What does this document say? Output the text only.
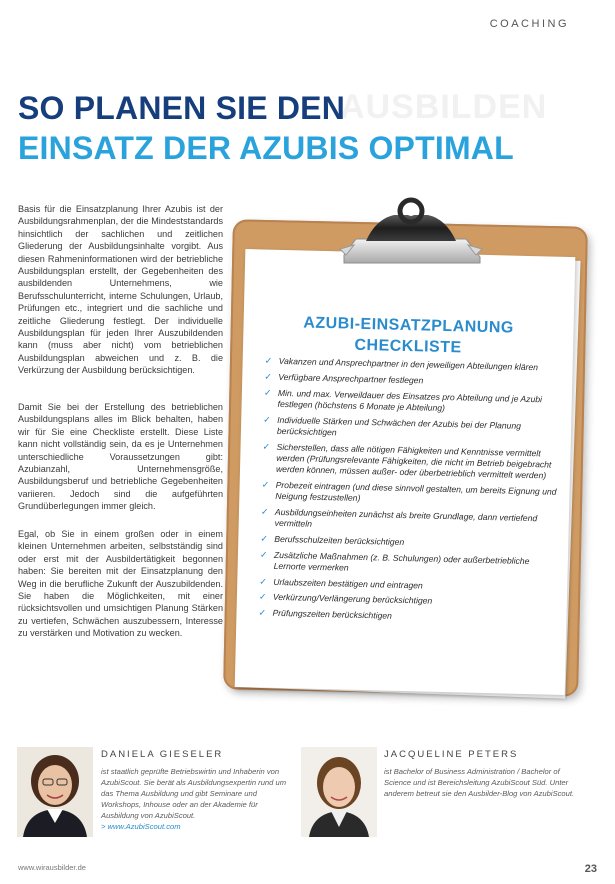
COACHING
AUSBILDEN
SO PLANEN SIE DEN
EINSATZ DER AZUBIS OPTIMAL

Basis für die Einsatzplanung Ihrer Azubis ist der Ausbildungsrahmenplan, der die Mindeststandards hinsichtlich der sachlichen und zeitlichen Gliederung der Ausbildungsinhalte vorgibt. Aus diesen Rahmeninformationen wird der betriebliche Ausbildungsplan erstellt, der Gegebenheiten des ausbildenden Unternehmens, wie Berufsschulunterricht, interne Schulungen, Urlaub, Prüfungen etc., integriert und die sachliche und zeitliche Gliederung festlegt. Der individuelle Ausbildungsplan für jeden Ihrer Auszubildenden kann (muss aber nicht) vom betrieblichen Ausbildungsplan abweichen und z. B. die Verkürzung der Ausbildung berücksichtigen.

Damit Sie bei der Erstellung des betrieblichen Ausbildungsplans alles im Blick behalten, haben wir für Sie eine Checkliste erstellt. Diese Liste kann nicht vollständig sein, da es je Unternehmen unterschiedliche Voraussetzungen gibt: Azubianzahl, Unternehmensgröße, Ausbildungsberuf und betriebliche Gegebenheiten variieren. Jedoch sind die aufgeführten Grundüberlegungen immer gleich.

Egal, ob Sie in einem großen oder in einem kleinen Unternehmen arbeiten, selbstständig sind oder erst mit der Ausbildertätigkeit begonnen haben: Sie bereiten mit der Einsatzplanung den Weg in die berufliche Zukunft der Auszubildenden. Sie haben die Möglichkeiten, mit einer rücksichtsvollen und umsichtigen Planung Stärken zu vertiefen, Schwächen auszubessern, Interesse zu verstärken und Motivation zu wecken.

AZUBI-EINSATZPLANUNG
CHECKLISTE
✓ Vakanzen und Ansprechpartner in den jeweiligen Abteilungen klären
✓ Verfügbare Ansprechpartner festlegen
✓ Min. und max. Verweildauer des Einsatzes pro Abteilung und je Azubi festlegen (höchstens 6 Monate je Abteilung)
✓ Individuelle Stärken und Schwächen der Azubis bei der Planung berücksichtigen
✓ Sicherstellen, dass alle nötigen Fähigkeiten und Kenntnisse vermittelt werden (Prüfungsrelevante Fähigkeiten, die nicht im Betrieb beigebracht werden können, müssen außer- oder überbetrieblich vermittelt werden)
✓ Probezeit eintragen (und diese sinnvoll gestalten, um bereits Eignung und Neigung festzustellen)
✓ Ausbildungseinheiten zunächst als breite Grundlage, dann vertiefend vermitteln
✓ Berufsschulzeiten berücksichtigen
✓ Zusätzliche Maßnahmen (z. B. Schulungen) oder außerbetriebliche Lernorte vermerken
✓ Urlaubszeiten bestätigen und eintragen
✓ Verkürzung/Verlängerung berücksichtigen
✓ Prüfungszeiten berücksichtigen
DANIELA GIESELER
ist staatlich geprüfte Betriebswirtin und Inhaberin von AzubiScout. Sie berät als Ausbildungsexpertin rund um das Thema Ausbildung und gibt Seminare und Workshops, Inhouse oder an der Akademie für Ausbildung von AzubiScout.
> www.AzubiScout.com
JACQUELINE PETERS
ist Bachelor of Business Administration / Bachelor of Science und ist Bereichsleitung AzubiScout Süd. Unter anderem betreut sie den Ausbilder-Blog von AzubiScout.
www.wirausbilder.de	23
